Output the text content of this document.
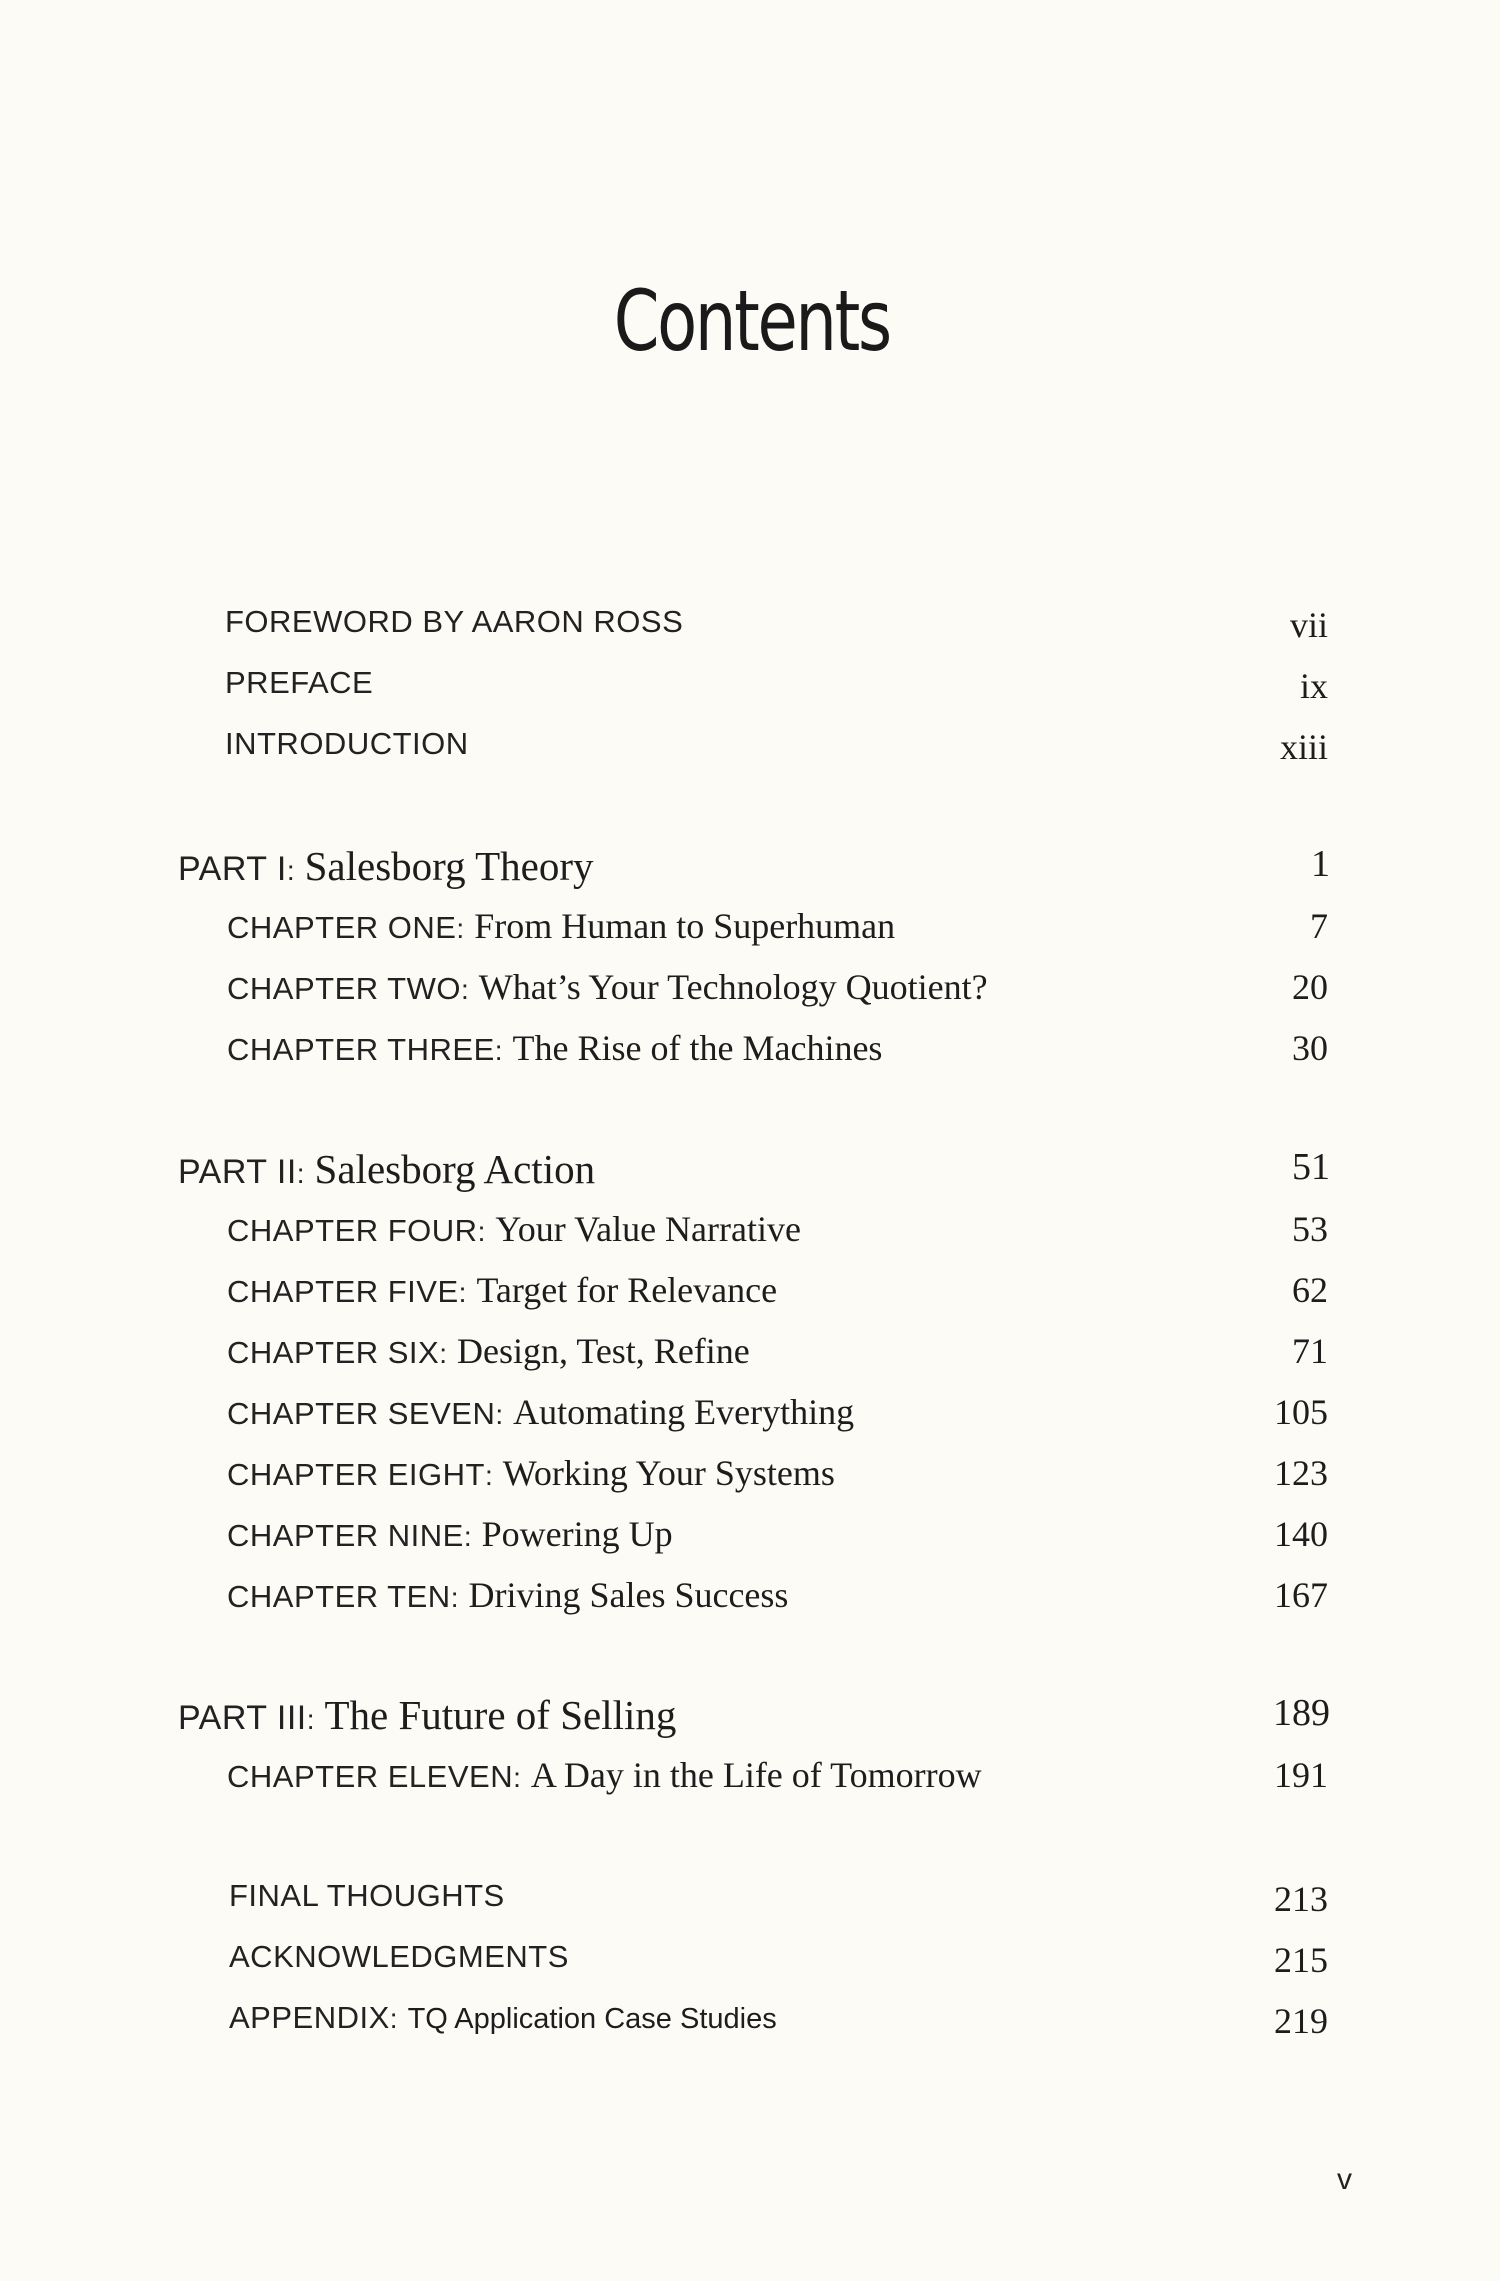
Contents
FOREWORD BY AARON ROSS	vii
PREFACE	ix
INTRODUCTION	xiii
PART I: Salesborg Theory	1
CHAPTER ONE: From Human to Superhuman	7
CHAPTER TWO: What’s Your Technology Quotient?	20
CHAPTER THREE: The Rise of the Machines	30
PART II: Salesborg Action	51
CHAPTER FOUR: Your Value Narrative	53
CHAPTER FIVE: Target for Relevance	62
CHAPTER SIX: Design, Test, Refine	71
CHAPTER SEVEN: Automating Everything	105
CHAPTER EIGHT: Working Your Systems	123
CHAPTER NINE: Powering Up	140
CHAPTER TEN: Driving Sales Success	167
PART III: The Future of Selling	189
CHAPTER ELEVEN: A Day in the Life of Tomorrow	191
FINAL THOUGHTS	213
ACKNOWLEDGMENTS	215
APPENDIX: TQ Application Case Studies	219
v
